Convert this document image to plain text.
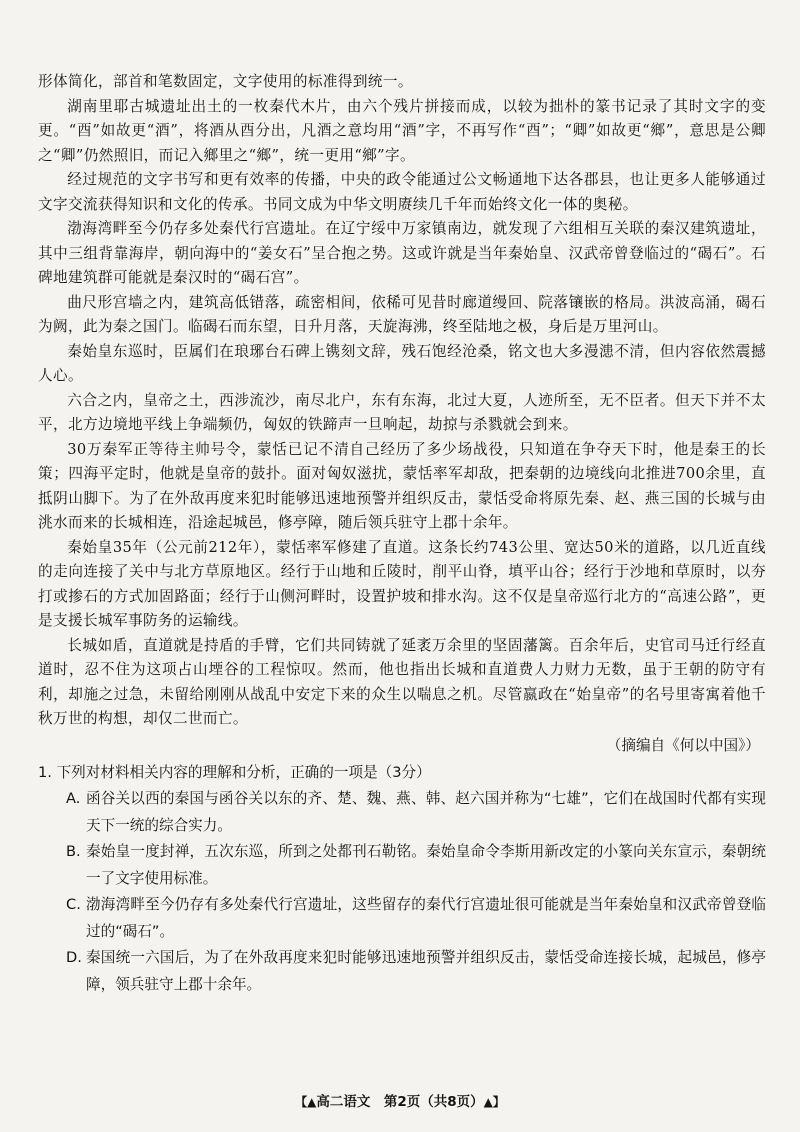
形体简化，部首和笔数固定，文字使用的标准得到统一。

湖南里耶古城遗址出土的一枚秦代木片，由六个残片拼接而成，以较为拙朴的篆书记录了其时文字的变更。“酉”如故更“酒”，将酒从酉分出，凡酒之意均用“酒”字，不再写作“酉”；“卿”如故更“鄉”，意思是公卿之“卿”仍然照旧，而记入鄉里之“鄉”，统一更用“鄉”字。

经过规范的文字书写和更有效率的传播，中央的政令能通过公文畅通地下达各郡县，也让更多人能够通过文字交流获得知识和文化的传承。书同文成为中华文明赓续几千年而始终文化一体的奥秘。

渤海湾畔至今仍存多处秦代行宫遗址。在辽宁绥中万家镇南边，就发现了六组相互关联的秦汉建筑遗址，其中三组背靠海岸，朝向海中的“姜女石”呈合抱之势。这或许就是当年秦始皇、汉武帝曾登临过的“碣石”。石碑地建筑群可能就是秦汉时的“碣石宫”。

曲尺形宫墙之内，建筑高低错落，疏密相间，依稀可见昔时廊道缦回、院落镶嵌的格局。洪波高涌，碣石为阙，此为秦之国门。临碣石而东望，日升月落，天旋海沸，终至陆地之极，身后是万里河山。

秦始皇东巡时，臣属们在琅琊台石碑上镌刻文辞，残石饱经沧桑，铭文也大多漫漶不清，但内容依然震撼人心。

六合之内，皇帝之土，西涉流沙，南尽北户，东有东海，北过大夏，人迹所至，无不臣者。但天下并不太平，北方边境地平线上争端频仍，匈奴的铁蹄声一旦响起，劫掠与杀戮就会到来。

30万秦军正等待主帅号令，蒙恬已记不清自己经历了多少场战役，只知道在争夺天下时，他是秦王的长策；四海平定时，他就是皇帝的鼓扑。面对匈奴滋扰，蒙恬率军却敌，把秦朝的边境线向北推进700余里，直抵阴山脚下。为了在外敌再度来犯时能够迅速地预警并组织反击，蒙恬受命将原先秦、赵、燕三国的长城与由洮水而来的长城相连，沿途起城邑，修亭障，随后领兵驻守上郡十余年。

秦始皇35年（公元前212年），蒙恬率军修建了直道。这条长约743公里、宽达50米的道路，以几近直线的走向连接了关中与北方草原地区。经行于山地和丘陵时，削平山脊，填平山谷；经行于沙地和草原时，以夯打或掺石的方式加固路面；经行于山侧河畔时，设置护坡和排水沟。这不仅是皇帝巡行北方的“高速公路”，更是支援长城军事防务的运输线。

长城如盾，直道就是持盾的手臂，它们共同铸就了延袤万余里的坚固藩篱。百余年后，史官司马迁行经直道时，忍不住为这项占山堙谷的工程惊叹。然而，他也指出长城和直道费人力财力无数，虽于王朝的防守有利，却施之过急，未留给刚刚从战乱中安定下来的众生以喘息之机。尽管嬴政在“始皇帝”的名号里寄寓着他千秋万世的构想，却仅二世而亡。

（摘编自《何以中国》）

1. 下列对材料相关内容的理解和分析，正确的一项是（3分）

A. 函谷关以西的秦国与函谷关以东的齐、楚、魏、燕、韩、赵六国并称为“七雄”，它们在战国时代都有实现天下一统的综合实力。
B. 秦始皇一度封禅，五次东巡，所到之处都刊石勒铭。秦始皇命令李斯用新改定的小篆向关东宣示，秦朝统一了文字使用标准。
C. 渤海湾畔至今仍存有多处秦代行宫遗址，这些留存的秦代行宫遗址很可能就是当年秦始皇和汉武帝曾登临过的“碣石”。
D. 秦国统一六国后，为了在外敌再度来犯时能够迅速地预警并组织反击，蒙恬受命连接长城，起城邑，修亭障，领兵驻守上郡十余年。
【▲高二语文　第2页（共8页）▲】
